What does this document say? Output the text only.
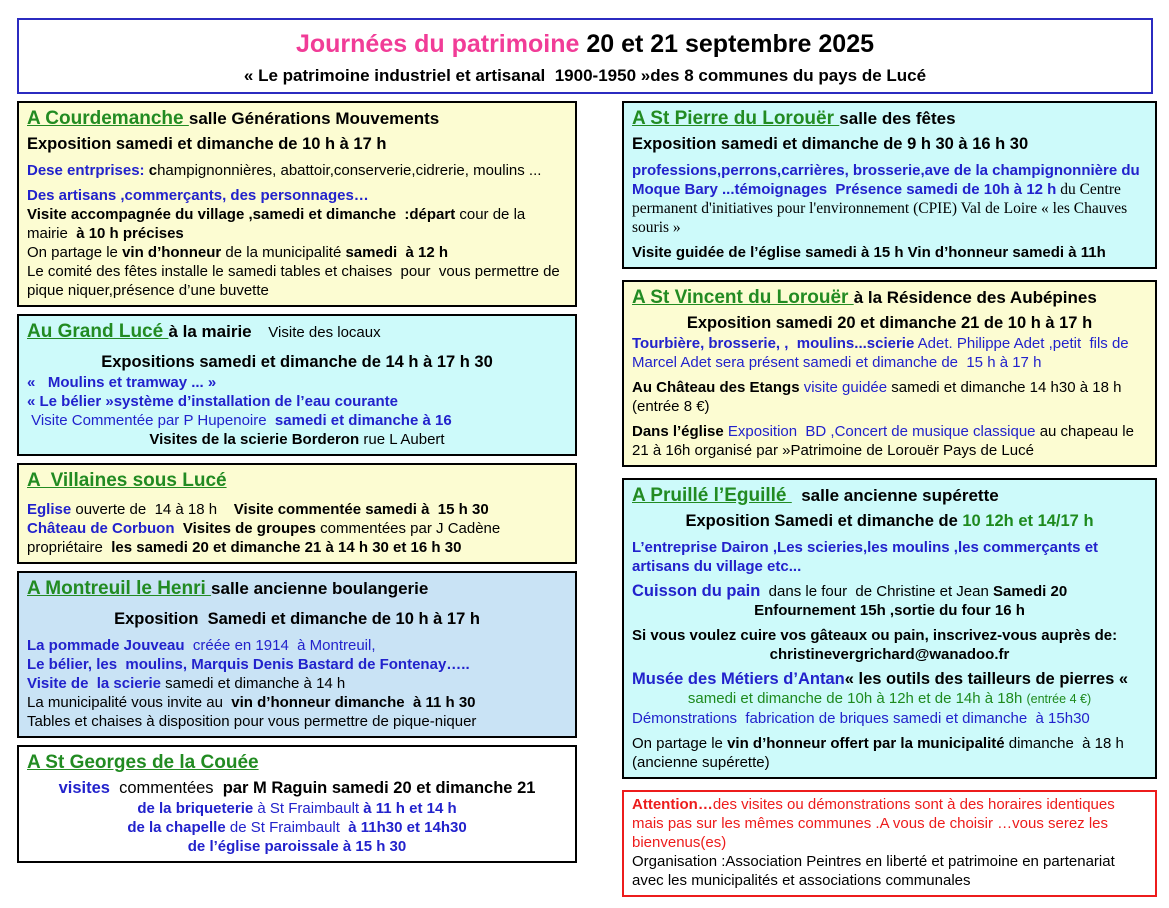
Journées du patrimoine 20 et 21 septembre 2025
« Le patrimoine industriel et artisanal  1900-1950 »des 8 communes du pays de Lucé
A Courdemanche salle Générations Mouvements
Exposition samedi et dimanche de 10 h à 17 h
Dese entrprises: champignonnières, abattoir,conserverie,cidrerie, moulins ...
Des artisans ,commerçants, des personnages…
Visite accompagnée du village ,samedi et dimanche  :départ cour de la mairie  à 10 h précises
On partage le vin d’honneur de la municipalité samedi  à 12 h
Le comité des fêtes installe le samedi tables et chaises  pour  vous permettre de pique niquer,présence d’une buvette
Au Grand Lucé à la mairie    Visite des locaux
Expositions samedi et dimanche de 14 h à 17 h 30
«   Moulins et tramway ... »
« Le bélier »système d’installation de l’eau courante
Visite Commentée par P Hupenoire  samedi et dimanche à 16
Visites de la scierie Borderon rue L Aubert
A  Villaines sous Lucé
Eglise ouverte de  14 à 18 h    Visite commentée samedi à  15 h 30
Château de Corbuon  Visites de groupes commentées par J Cadène propriétaire  les samedi 20 et dimanche 21 à 14 h 30 et 16 h 30
A Montreuil le Henri salle ancienne boulangerie
Exposition  Samedi et dimanche de 10 h à 17 h
La pommade Jouveau  créée en 1914  à Montreuil,
Le bélier, les  moulins, Marquis Denis Bastard de Fontenay…..
Visite de  la scierie samedi et dimanche à 14 h
La municipalité vous invite au  vin d’honneur dimanche  à 11 h 30
Tables et chaises à disposition pour vous permettre de pique-niquer
A St Georges de la Couée
visites  commentées  par M Raguin samedi 20 et dimanche 21
de la briqueterie à St Fraimbault à 11 h et 14 h
de la chapelle de St Fraimbault  à 11h30 et 14h30
de l’église paroissale à 15 h 30
A St Pierre du Lorouër salle des fêtes
Exposition samedi et dimanche de 9 h 30 à 16 h 30
professions,perrons,carrières, brosserie,ave de la champignonnière du Moque Bary ...témoignages  Présence samedi de 10h à 12 h du Centre permanent d'initiatives pour l'environnement (CPIE) Val de Loire « les Chauves souris »
Visite guidée de l’église samedi à 15 h Vin d’honneur samedi à 11h
A St Vincent du Lorouër à la Résidence des Aubépines
Exposition samedi 20 et dimanche 21 de 10 h à 17 h
Tourbière, brosserie, ,  moulins...scierie Adet. Philippe Adet ,petit  fils de Marcel Adet sera présent samedi et dimanche de  15 h à 17 h
Au Château des Etangs visite guidée samedi et dimanche 14 h30 à 18 h (entrée 8 €)
Dans l’église Exposition  BD ,Concert de musique classique au chapeau le 21 à 16h organisé par »Patrimoine de Lorouër Pays de Lucé
A Pruillé l’Eguillé   salle ancienne supérette
Exposition Samedi et dimanche de 10 12h et 14/17 h
L’entreprise Dairon ,Les scieries,les moulins ,les commerçants et artisans du village etc...
Cuisson du pain  dans le four  de Christine et Jean Samedi 20
Enfournement 15h ,sortie du four 16 h
Si vous voulez cuire vos gâteaux ou pain, inscrivez-vous auprès de:
christinevergrichard@wanadoo.fr
Musée des Métiers d’Antan« les outils des tailleurs de pierres «
samedi et dimanche de 10h à 12h et de 14h à 18h (entrée 4 €)
Démonstrations  fabrication de briques samedi et dimanche  à 15h30
On partage le vin d’honneur offert par la municipalité dimanche  à 18 h (ancienne supérette)
Attention…des visites ou démonstrations sont à des horaires identiques mais pas sur les mêmes communes .A vous de choisir …vous serez les bienvenus(es)
Organisation :Association Peintres en liberté et patrimoine en partenariat avec les municipalités et associations communales
